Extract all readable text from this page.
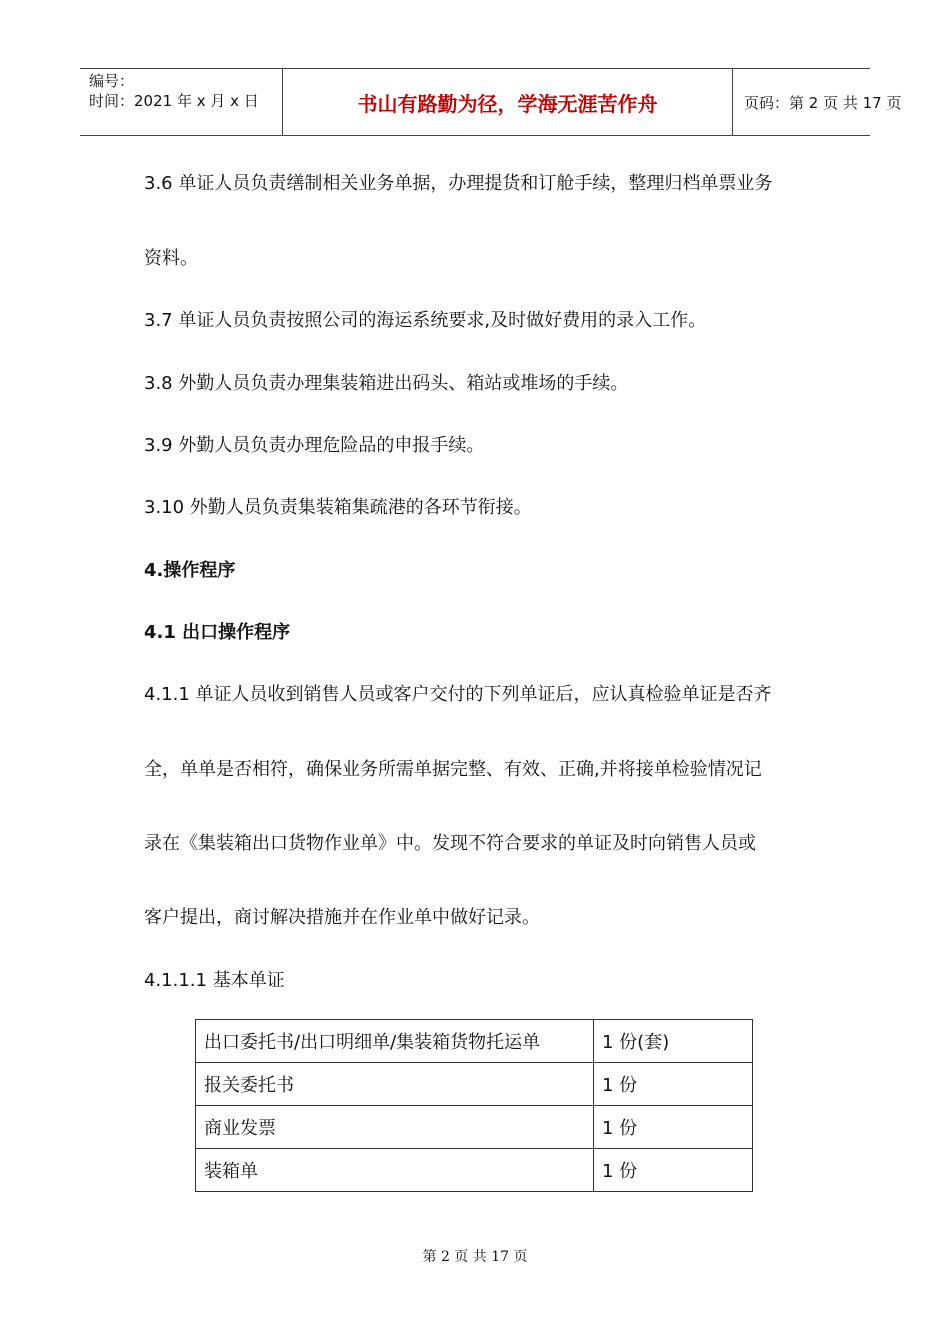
编号：
时间：2021 年 x 月 x 日	书山有路勤为径，学海无涯苦作舟	页码：第 2 页 共 17 页
3.6 单证人员负责缮制相关业务单据，办理提货和订舱手续，整理归档单票业务
资料。
3.7 单证人员负责按照公司的海运系统要求,及时做好费用的录入工作。
3.8 外勤人员负责办理集装箱进出码头、箱站或堆场的手续。
3.9 外勤人员负责办理危险品的申报手续。
3.10 外勤人员负责集装箱集疏港的各环节衔接。
4.操作程序
4.1 出口操作程序
4.1.1 单证人员收到销售人员或客户交付的下列单证后，应认真检验单证是否齐
全，单单是否相符，确保业务所需单据完整、有效、正确,并将接单检验情况记
录在《集装箱出口货物作业单》中。发现不符合要求的单证及时向销售人员或
客户提出，商讨解决措施并在作业单中做好记录。
4.1.1.1 基本单证
出口委托书/出口明细单/集装箱货物托运单	1 份(套)
报关委托书	1 份
商业发票	1 份
装箱单	1 份
第 2 页 共 17 页
